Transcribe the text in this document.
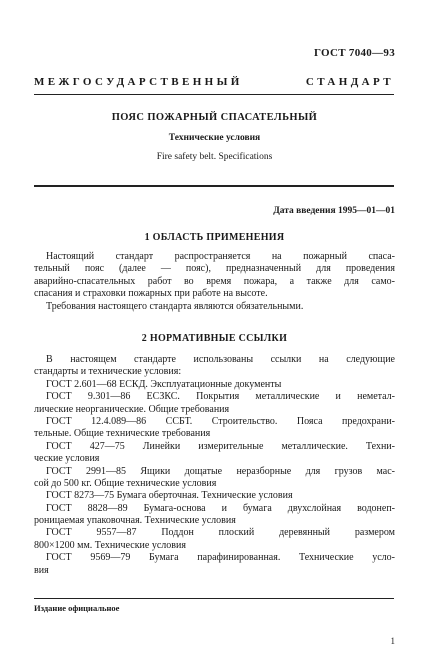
ГОСТ 7040—93
МЕЖГОСУДАРСТВЕННЫЙ СТАНДАРТ
ПОЯС ПОЖАРНЫЙ СПАСАТЕЛЬНЫЙ
Технические условия
Fire safety belt. Specifications
Дата введения 1995—01—01
1 ОБЛАСТЬ ПРИМЕНЕНИЯ
Настоящий стандарт распространяется на пожарный спаса-
тельный пояс (далее — пояс), предназначенный для проведения
аварийно-спасательных работ во время пожара, а также для само-
спасания и страховки пожарных при работе на высоте.
Требования настоящего стандарта являются обязательными.
2 НОРМАТИВНЫЕ ССЫЛКИ
В настоящем стандарте использованы ссылки на следующие
стандарты и технические условия:
ГОСТ 2.601—68 ЕСКД. Эксплуатационные документы
ГОСТ 9.301—86 ЕСЗКС. Покрытия металлические и неметал-
лические неорганические. Общие требования
ГОСТ 12.4.089—86 ССБТ. Строительство. Пояса предохрани-
тельные. Общие технические требования
ГОСТ 427—75 Линейки измерительные металлические. Техни-
ческие условия
ГОСТ 2991—85 Ящики дощатые неразборные для грузов мас-
сой до 500 кг. Общие технические условия
ГОСТ 8273—75 Бумага оберточная. Технические условия
ГОСТ 8828—89 Бумага-основа и бумага двухслойная водонеп-
роницаемая упаковочная. Технические условия
ГОСТ 9557—87 Поддон плоский деревянный размером
800×1200 мм. Технические условия
ГОСТ 9569—79 Бумага парафинированная. Технические усло-
вия
Издание официальное
1
